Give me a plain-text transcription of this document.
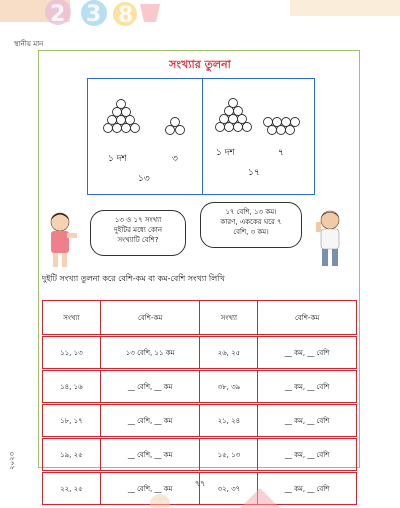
2 3 8
স্থানীয় মান
সংখ্যার তুলনা
১ দশ	৩
১৩
১ দশ	৭
১৭
১৩ ও ১৭ সংখ্যা
দুইটির মধ্যে কোন
সংখ্যাটি বেশি?
১৭ বেশি, ১৩ কম।
কারণ, এককের ঘরে ৭
বেশি, ৩ কম।
দুইটি সংখ্যা তুলনা করে বেশি-কম বা কম-বেশি সংখ্যা লিখি
সংখ্যা	বেশি-কম	সংখ্যা	বেশি-কম

১১, ১৩	১৩ বেশি, ১১ কম	২৬, ২৫	__ কম, __ বেশি

১৪, ১৬	__ বেশি, __ কম	৩৮, ৩৯	__ কম, __ বেশি

১৮, ১৭	__ বেশি, __ কম	২১, ২৪	__ কম, __ বেশি

১৯, ২৫	__ বেশি, __ কম	১৫, ১৩	__ কম, __ বেশি

২২, ২৫	__ বেশি, __ কম	৩২, ৩৭	__ কম, __ বেশি
২০২৩
৭৭
